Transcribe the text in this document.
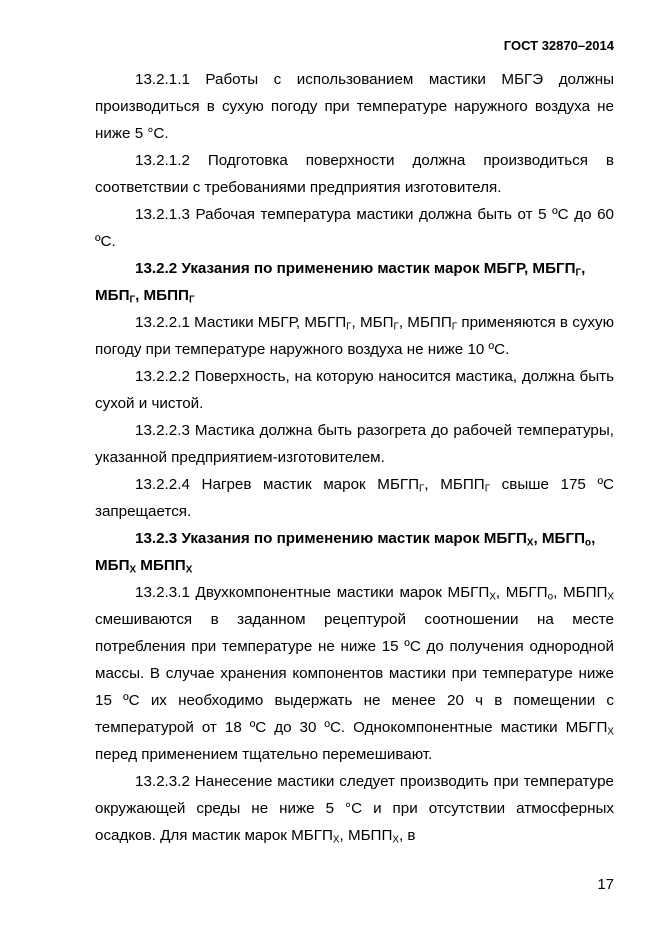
ГОСТ 32870–2014

13.2.1.1 Работы с использованием мастики МБГЭ должны производиться в сухую погоду при температуре наружного воздуха не ниже 5 °С.

13.2.1.2 Подготовка поверхности должна производиться в соответствии с требованиями предприятия изготовителя.

13.2.1.3 Рабочая температура мастики должна быть от 5 ºС до 60 ºС.

13.2.2 Указания по применению мастик марок МБГР, $МБГП_Г$, $МБП_Г$, $МБПП_Г$

13.2.2.1 Мастики МБГР, $МБГП_Г$, $МБП_Г$, $МБПП_Г$ применяются в сухую погоду при температуре наружного воздуха не ниже 10 ºС.

13.2.2.2 Поверхность, на которую наносится мастика, должна быть сухой и чистой.

13.2.2.3 Мастика должна быть разогрета до рабочей температуры, указанной предприятием-изготовителем.

13.2.2.4 Нагрев мастик марок $МБГП_Г$, $МБПП_Г$ свыше 175 ºС запрещается.

13.2.3 Указания по применению мастик марок $МБГП_Х$, $МБГП_о$, $МБП_Х$ $МБПП_Х$

13.2.3.1 Двухкомпонентные мастики марок $МБГП_Х$, $МБГП_о$, $МБПП_Х$ смешиваются в заданном рецептурой соотношении на месте потребления при температуре не ниже 15 ºС до получения однородной массы. В случае хранения компонентов мастики при температуре ниже 15 ºС их необходимо выдержать не менее 20 ч в помещении с температурой от 18 ºС до 30 ºС. Однокомпонентные мастики $МБГП_Х$ перед применением тщательно перемешивают.

13.2.3.2 Нанесение мастики следует производить при температуре окружающей среды не ниже 5 °С и при отсутствии атмосферных осадков. Для мастик марок $МБГП_Х$, $МБПП_Х$, в

17
